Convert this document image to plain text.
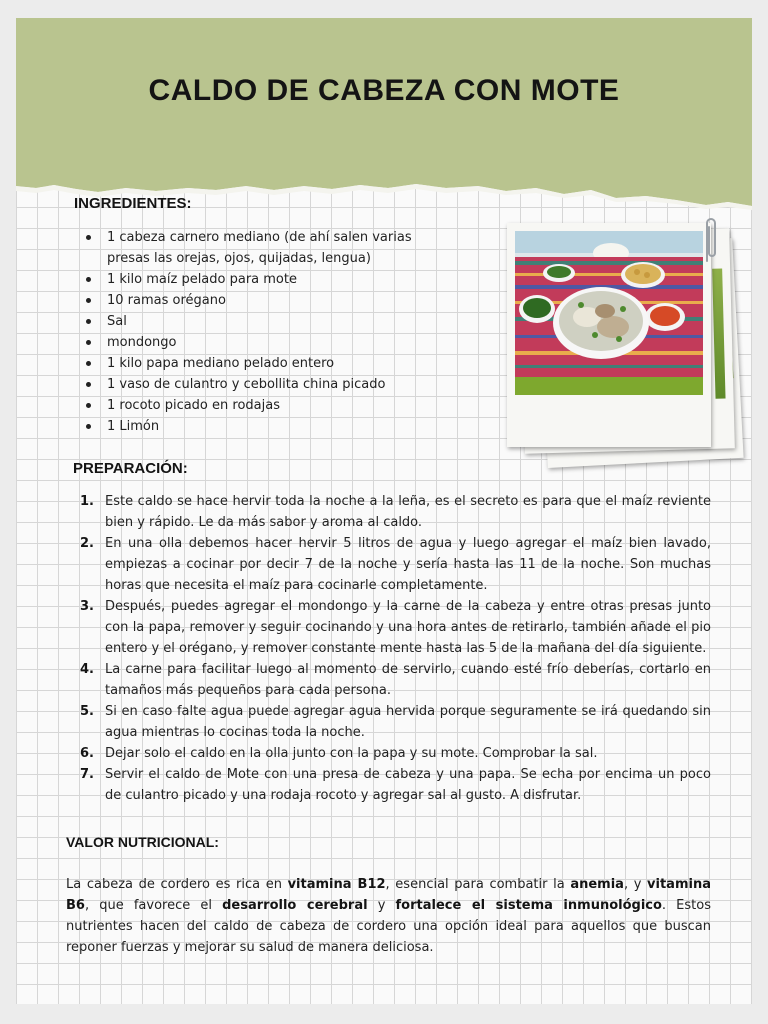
CALDO DE CABEZA CON MOTE
INGREDIENTES:
1 cabeza carnero mediano (de ahí salen varias presas las orejas, ojos, quijadas, lengua)
1 kilo maíz pelado para mote
10 ramas orégano
Sal
mondongo
1 kilo papa mediano pelado entero
1 vaso de culantro y cebollita china picado
1 rocoto picado en rodajas
1 Limón
PREPARACIÓN:
1. Este caldo se hace hervir toda la noche a la leña, es el secreto es para que el maíz reviente bien y rápido. Le da más sabor y aroma al caldo.
2. En una olla debemos hacer hervir 5 litros de agua y luego agregar el maíz bien lavado, empiezas a cocinar por decir 7 de la noche y sería hasta las 11 de la noche. Son muchas horas que necesita el maíz para cocinarle completamente.
3. Después, puedes agregar el mondongo y la carne de la cabeza y entre otras presas junto con la papa, remover y seguir cocinando y una hora antes de retirarlo, también añade el pio entero y el orégano, y remover constante mente hasta las 5 de la mañana del día siguiente.
4. La carne para facilitar luego al momento de servirlo, cuando esté frío deberías, cortarlo en tamaños más pequeños para cada persona.
5. Si en caso falte agua puede agregar agua hervida porque seguramente se irá quedando sin agua mientras lo cocinas toda la noche.
6. Dejar solo el caldo en la olla junto con la papa y su mote. Comprobar la sal.
7. Servir el caldo de Mote con una presa de cabeza y una papa. Se echa por encima un poco de culantro picado y una rodaja rocoto y agregar sal al gusto. A disfrutar.
VALOR NUTRICIONAL:

La cabeza de cordero es rica en vitamina B12, esencial para combatir la anemia, y vitamina B6, que favorece el desarrollo cerebral y fortalece el sistema inmunológico. Estos nutrientes hacen del caldo de cabeza de cordero una opción ideal para aquellos que buscan reponer fuerzas y mejorar su salud de manera deliciosa.
